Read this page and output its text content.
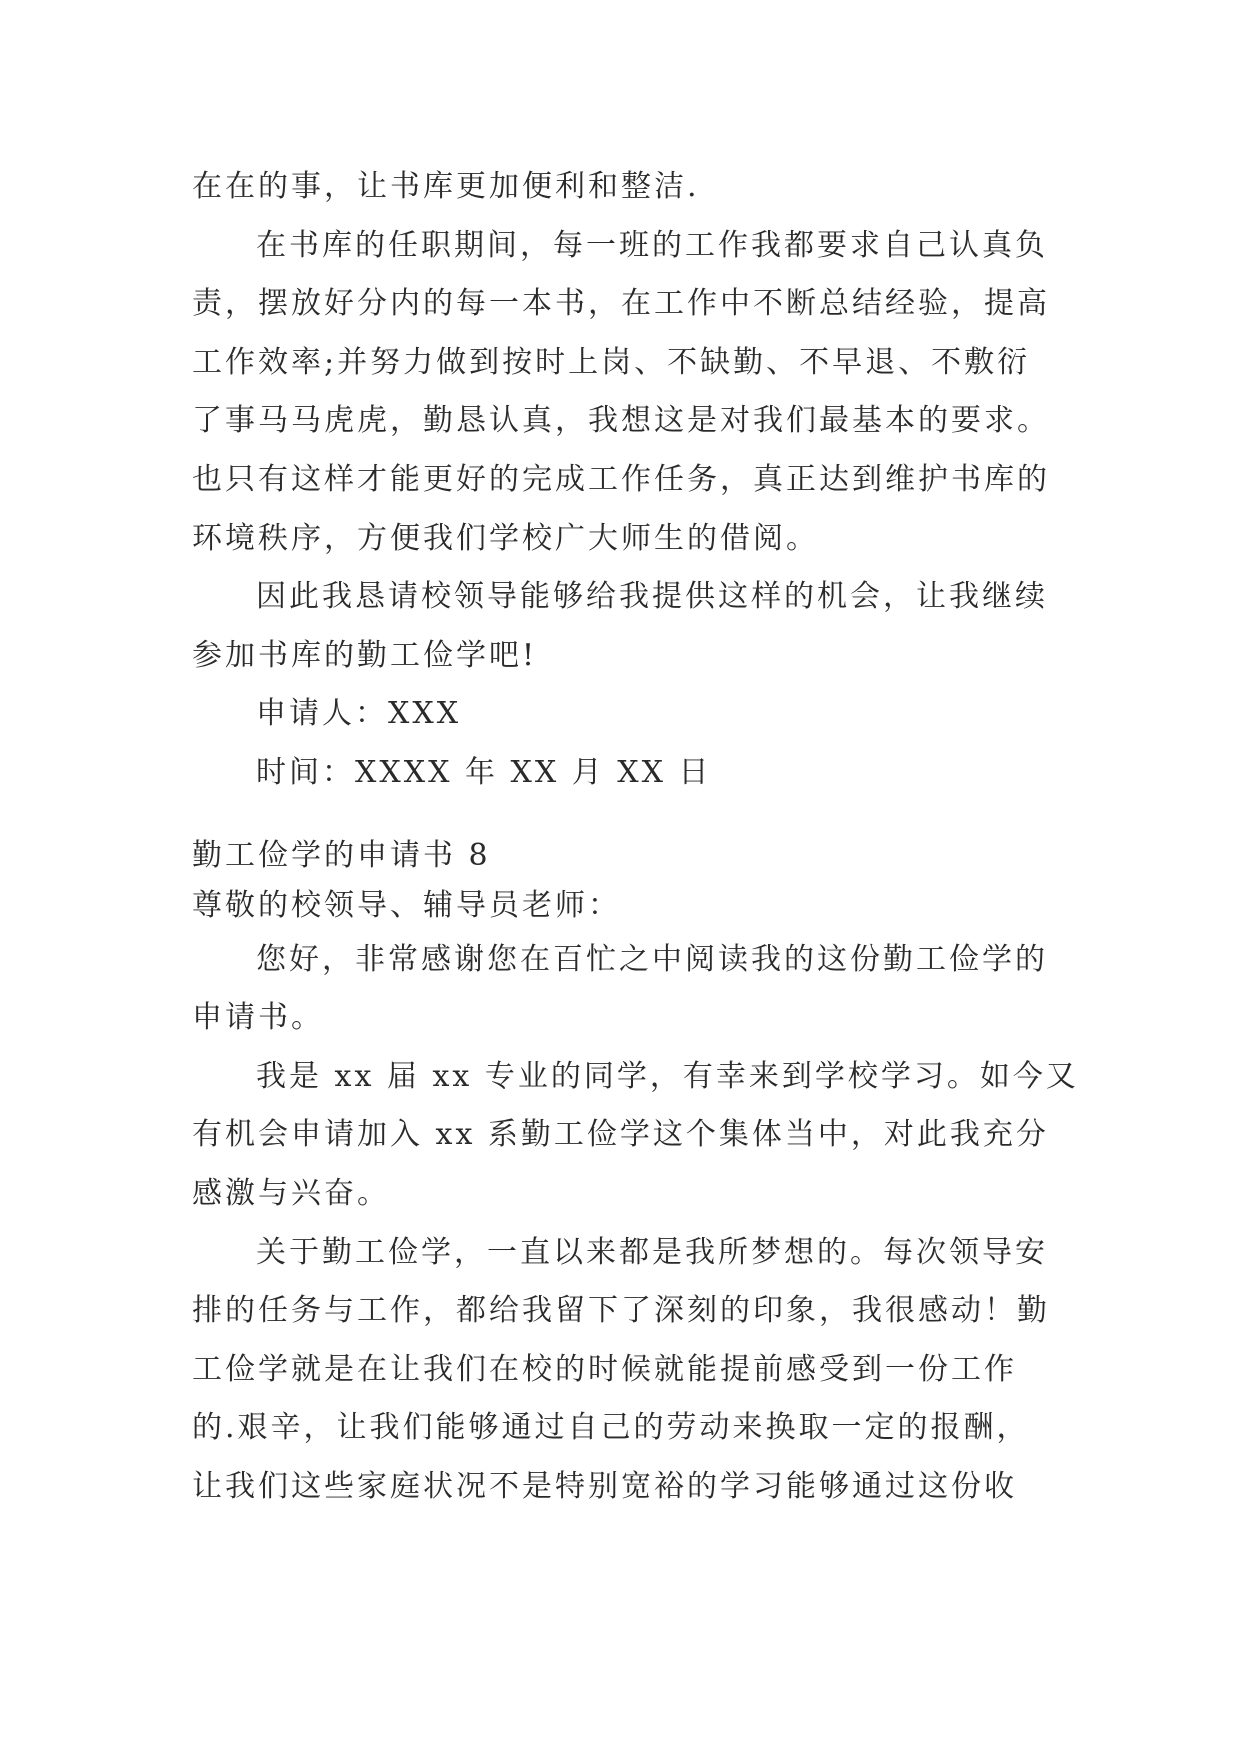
在在的事，让书库更加便利和整洁.
在书库的任职期间，每一班的工作我都要求自己认真负
责，摆放好分内的每一本书，在工作中不断总结经验，提高
工作效率;并努力做到按时上岗、不缺勤、不早退、不敷衍
了事马马虎虎，勤恳认真，我想这是对我们最基本的要求。
也只有这样才能更好的完成工作任务，真正达到维护书库的
环境秩序，方便我们学校广大师生的借阅。
因此我恳请校领导能够给我提供这样的机会，让我继续
参加书库的勤工俭学吧!
申请人：XXX
时间：XXXX 年 XX 月 XX 日
勤工俭学的申请书 8
尊敬的校领导、辅导员老师：
您好，非常感谢您在百忙之中阅读我的这份勤工俭学的
申请书。
我是 xx 届 xx 专业的同学，有幸来到学校学习。如今又
有机会申请加入 xx 系勤工俭学这个集体当中，对此我充分
感激与兴奋。
关于勤工俭学，一直以来都是我所梦想的。每次领导安
排的任务与工作，都给我留下了深刻的印象，我很感动！勤
工俭学就是在让我们在校的时候就能提前感受到一份工作
的.艰辛，让我们能够通过自己的劳动来换取一定的报酬，
让我们这些家庭状况不是特别宽裕的学习能够通过这份收
